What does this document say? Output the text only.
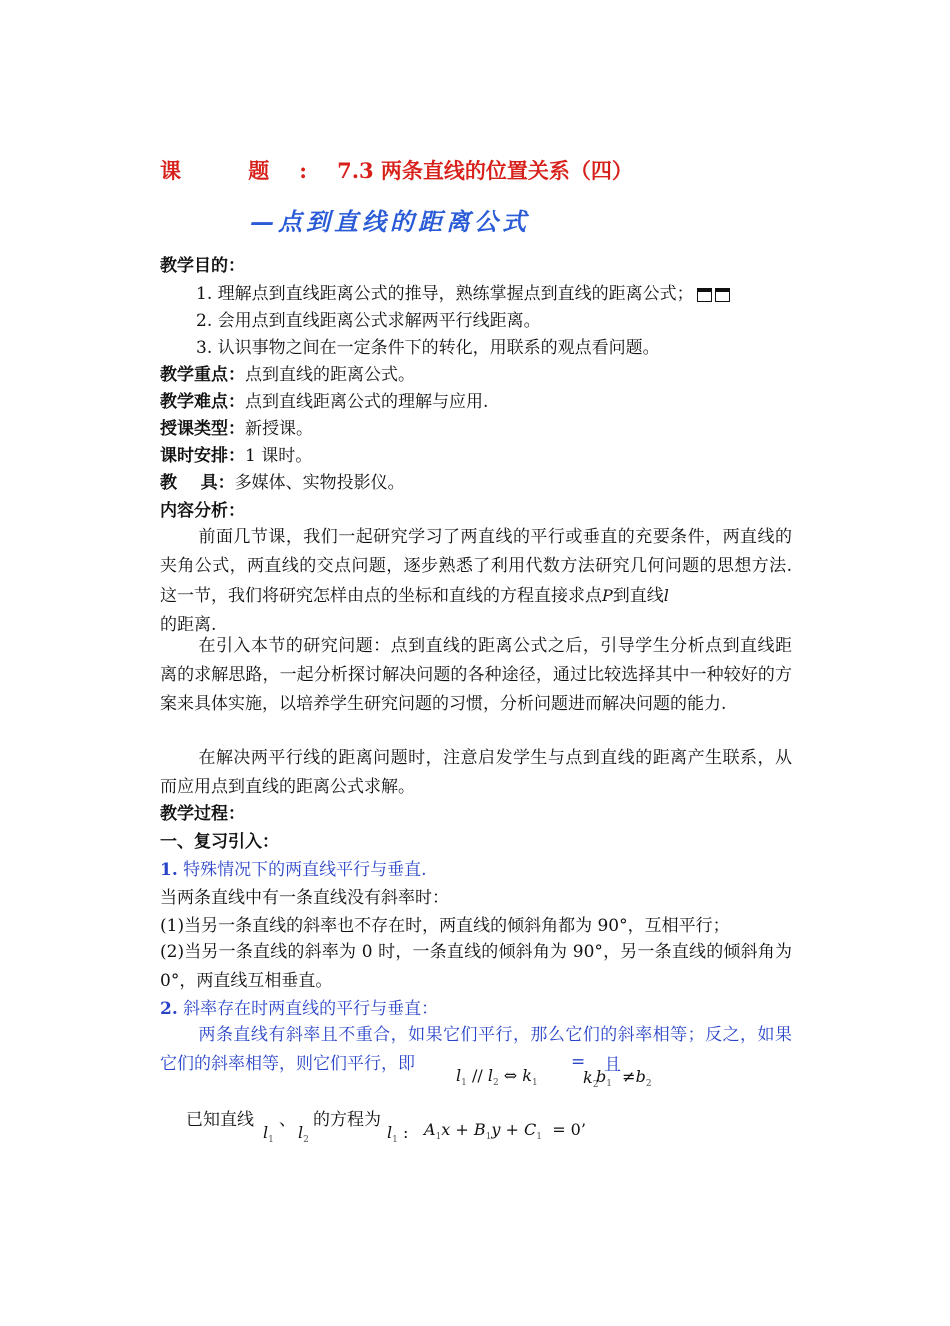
课 题:7.3 两条直线的位置关系（四）
—点到直线的距离公式
教学目的：
1. 理解点到直线距离公式的推导，熟练掌握点到直线的距离公式；
2. 会用点到直线距离公式求解两平行线距离。
3. 认识事物之间在一定条件下的转化，用联系的观点看问题。
教学重点：点到直线的距离公式。
教学难点：点到直线距离公式的理解与应用.
授课类型：新授课。
课时安排：1 课时。
教    具：多媒体、实物投影仪。
内容分析：
前面几节课，我们一起研究学习了两直线的平行或垂直的充要条件，两直线的夹角公式，两直线的交点问题，逐步熟悉了利用代数方法研究几何问题的思想方法. 这一节，我们将研究怎样由点的坐标和直线的方程直接求点P到直线l
的距离.
在引入本节的研究问题：点到直线的距离公式之后，引导学生分析点到直线距离的求解思路，一起分析探讨解决问题的各种途径，通过比较选择其中一种较好的方案来具体实施，以培养学生研究问题的习惯，分析问题进而解决问题的能力.
在解决两平行线的距离问题时，注意启发学生与点到直线的距离产生联系，从而应用点到直线的距离公式求解。
教学过程：
一、复习引入：
1. 特殊情况下的两直线平行与垂直.
当两条直线中有一条直线没有斜率时：
(1)当另一条直线的斜率也不存在时，两直线的倾斜角都为 90°，互相平行；
(2)当另一条直线的斜率为 0 时，一条直线的倾斜角为 90°，另一条直线的倾斜角为 0°，两直线互相垂直。
2. 斜率存在时两直线的平行与垂直：
两条直线有斜率且不重合，如果它们平行，那么它们的斜率相等；反之，如果它们的斜率相等，则它们平行，即
$l_1 // l_2$ ⇔ $k_1$
=
$k_2$
且
$b_1 \ne b_2$
已知直线
$l_1$
、
$l_2$
的方程为
$l_1$ : $A_1x + B_1y + C_1 = 0$’
